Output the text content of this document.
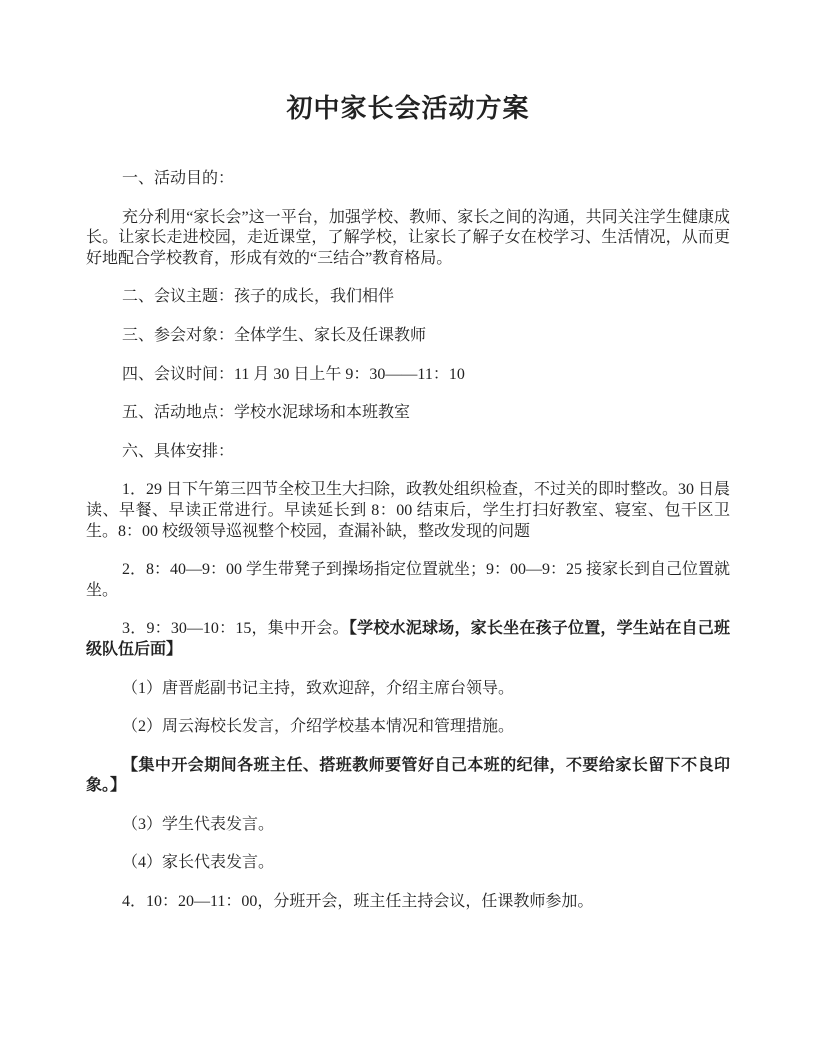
初中家长会活动方案

一、活动目的：

充分利用“家长会”这一平台，加强学校、教师、家长之间的沟通，共同关注学生健康成长。让家长走进校园，走近课堂，了解学校，让家长了解子女在校学习、生活情况，从而更好地配合学校教育，形成有效的“三结合”教育格局。

二、会议主题：孩子的成长，我们相伴

三、参会对象：全体学生、家长及任课教师

四、会议时间：11 月 30 日上午 9：30——11：10

五、活动地点：学校水泥球场和本班教室

六、具体安排：

1．29 日下午第三四节全校卫生大扫除，政教处组织检查，不过关的即时整改。30 日晨读、早餐、早读正常进行。早读延长到 8：00 结束后，学生打扫好教室、寝室、包干区卫生。8：00 校级领导巡视整个校园，查漏补缺，整改发现的问题

2．8：40—9：00 学生带凳子到操场指定位置就坐；9：00—9：25 接家长到自己位置就坐。

3．9：30—10：15，集中开会。【学校水泥球场，家长坐在孩子位置，学生站在自己班级队伍后面】

（1）唐晋彪副书记主持，致欢迎辞，介绍主席台领导。

（2）周云海校长发言，介绍学校基本情况和管理措施。

【集中开会期间各班主任、搭班教师要管好自己本班的纪律，不要给家长留下不良印象。】

（3）学生代表发言。

（4）家长代表发言。

4．10：20—11：00，分班开会，班主任主持会议，任课教师参加。
